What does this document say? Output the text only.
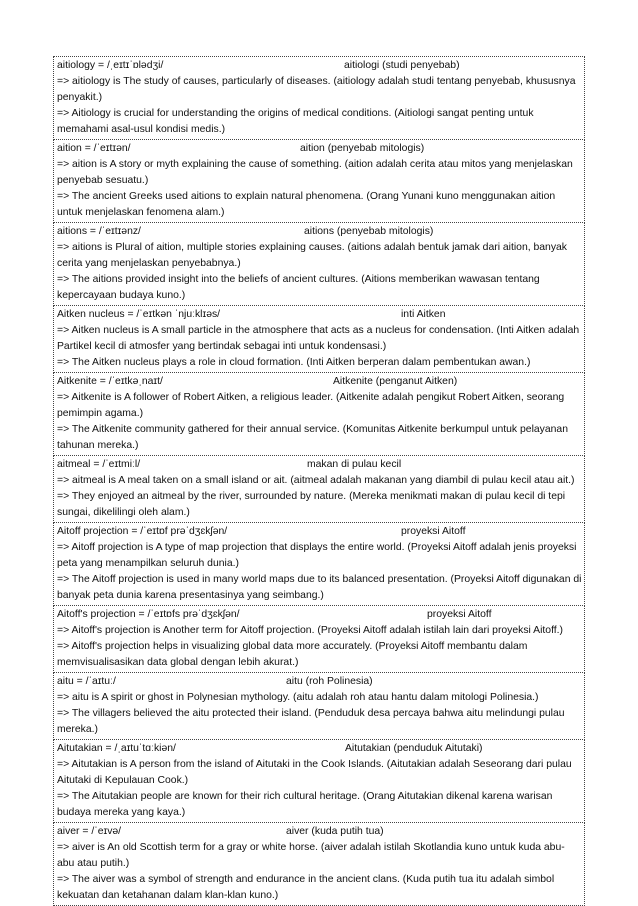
aitiology = /ˌeɪtɪˈɒlədʒi/	aitiologi (studi penyebab)
=> aitiology is The study of causes, particularly of diseases. (aitiology adalah studi tentang penyebab, khususnya penyakit.)
=> Aitiology is crucial for understanding the origins of medical conditions. (Aitiologi sangat penting untuk memahami asal-usul kondisi medis.)
aition = /ˈeɪtɪən/	aition (penyebab mitologis)
=> aition is A story or myth explaining the cause of something. (aition adalah cerita atau mitos yang menjelaskan penyebab sesuatu.)
=> The ancient Greeks used aitions to explain natural phenomena. (Orang Yunani kuno menggunakan aition untuk menjelaskan fenomena alam.)
aitions = /ˈeɪtɪənz/	aitions (penyebab mitologis)
=> aitions is Plural of aition, multiple stories explaining causes. (aitions adalah bentuk jamak dari aition, banyak cerita yang menjelaskan penyebabnya.)
=> The aitions provided insight into the beliefs of ancient cultures. (Aitions memberikan wawasan tentang kepercayaan budaya kuno.)
Aitken nucleus = /ˈeɪtkən ˈnjuːklɪəs/	inti Aitken
=> Aitken nucleus is A small particle in the atmosphere that acts as a nucleus for condensation. (Inti Aitken adalah Partikel kecil di atmosfer yang bertindak sebagai inti untuk kondensasi.)
=> The Aitken nucleus plays a role in cloud formation. (Inti Aitken berperan dalam pembentukan awan.)
Aitkenite = /ˈeɪtkəˌnaɪt/	Aitkenite (penganut Aitken)
=> Aitkenite is A follower of Robert Aitken, a religious leader. (Aitkenite adalah pengikut Robert Aitken, seorang pemimpin agama.)
=> The Aitkenite community gathered for their annual service. (Komunitas Aitkenite berkumpul untuk pelayanan tahunan mereka.)
aitmeal = /ˈeɪtmiːl/	makan di pulau kecil
=> aitmeal is A meal taken on a small island or ait. (aitmeal adalah makanan yang diambil di pulau kecil atau ait.)
=> They enjoyed an aitmeal by the river, surrounded by nature. (Mereka menikmati makan di pulau kecil di tepi sungai, dikelilingi oleh alam.)
Aitoff projection = /ˈeɪtɒf prəˈdʒɛkʃən/	proyeksi Aitoff
=> Aitoff projection is A type of map projection that displays the entire world. (Proyeksi Aitoff adalah jenis proyeksi peta yang menampilkan seluruh dunia.)
=> The Aitoff projection is used in many world maps due to its balanced presentation. (Proyeksi Aitoff digunakan di banyak peta dunia karena presentasinya yang seimbang.)
Aitoff's projection = /ˈeɪtɒfs prəˈdʒɛkʃən/	proyeksi Aitoff
=> Aitoff's projection is Another term for Aitoff projection. (Proyeksi Aitoff adalah istilah lain dari proyeksi Aitoff.)
=> Aitoff's projection helps in visualizing global data more accurately. (Proyeksi Aitoff membantu dalam memvisualisasikan data global dengan lebih akurat.)
aitu = /ˈaɪtuː/	aitu (roh Polinesia)
=> aitu is A spirit or ghost in Polynesian mythology. (aitu adalah roh atau hantu dalam mitologi Polinesia.)
=> The villagers believed the aitu protected their island. (Penduduk desa percaya bahwa aitu melindungi pulau mereka.)
Aitutakian = /ˌaɪtuˈtɑːkiən/	Aitutakian (penduduk Aitutaki)
=> Aitutakian is A person from the island of Aitutaki in the Cook Islands. (Aitutakian adalah Seseorang dari pulau Aitutaki di Kepulauan Cook.)
=> The Aitutakian people are known for their rich cultural heritage. (Orang Aitutakian dikenal karena warisan budaya mereka yang kaya.)
aiver = /ˈeɪvə/	aiver (kuda putih tua)
=> aiver is An old Scottish term for a gray or white horse. (aiver adalah istilah Skotlandia kuno untuk kuda abu-abu atau putih.)
=> The aiver was a symbol of strength and endurance in the ancient clans. (Kuda putih tua itu adalah simbol kekuatan dan ketahanan dalam klan-klan kuno.)
